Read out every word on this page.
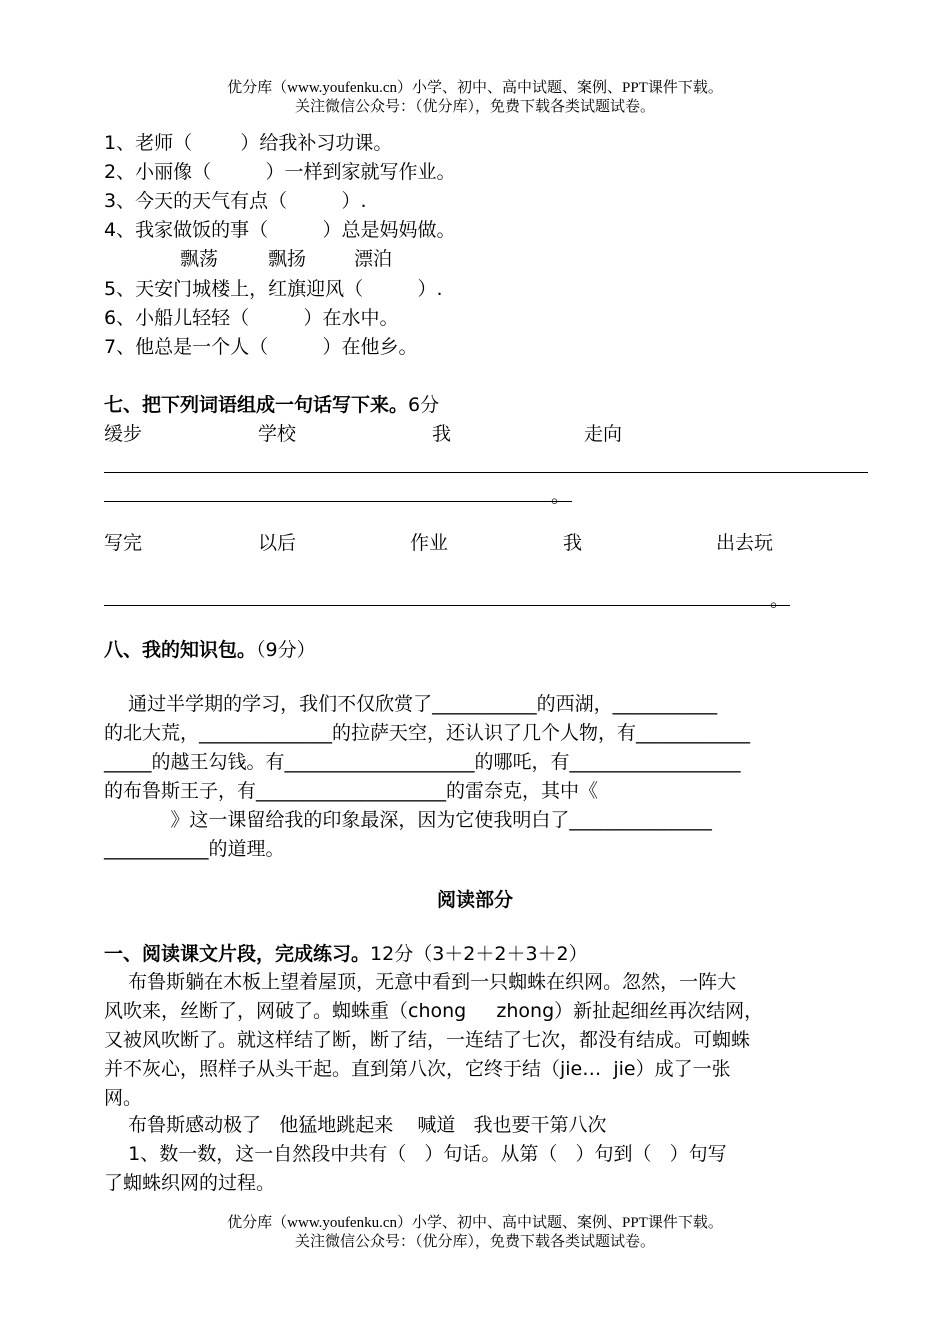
优分库（www.youfenku.cn）小学、初中、高中试题、案例、PPT课件下载。
关注微信公众号：（优分库），免费下载各类试题试卷。
1、老师（        ）给我补习功课。
2、小丽像（         ）一样到家就写作业。
3、今天的天气有点（         ）.
4、我家做饭的事（         ）总是妈妈做。
飘荡	飘扬	漂泊
5、天安门城楼上，红旗迎风（         ）.
6、小船儿轻轻（         ）在水中。
7、他总是一个人（         ）在他乡。
七、把下列词语组成一句话写下来。6分
缓步	学校	我	走向
。
写完	以后	作业	我	出去玩
。
八、我的知识包。（9分）
通过半学期的学习，我们不仅欣赏了___________的西湖，___________
的北大荒，______________的拉萨天空，还认识了几个人物，有____________
_____的越王勾钱。有____________________的哪吒，有__________________
的布鲁斯王子，有____________________的雷奈克，其中《
》这一课留给我的印象最深，因为它使我明白了_______________
___________的道理。
阅读部分
一、阅读课文片段，完成练习。12分（3＋2＋2＋3＋2）
布鲁斯躺在木板上望着屋顶，无意中看到一只蜘蛛在织网。忽然，一阵大
风吹来，丝断了，网破了。蜘蛛重（chong     zhong）新扯起细丝再次结网，
又被风吹断了。就这样结了断，断了结，一连结了七次，都没有结成。可蜘蛛
并不灰心，照样子从头干起。直到第八次，它终于结（jie…  jie）成了一张
网。
布鲁斯感动极了   他猛地跳起来    喊道   我也要干第八次
1、数一数，这一自然段中共有（   ）句话。从第（   ）句到（   ）句写
了蜘蛛织网的过程。
优分库（www.youfenku.cn）小学、初中、高中试题、案例、PPT课件下载。
关注微信公众号：（优分库），免费下载各类试题试卷。
